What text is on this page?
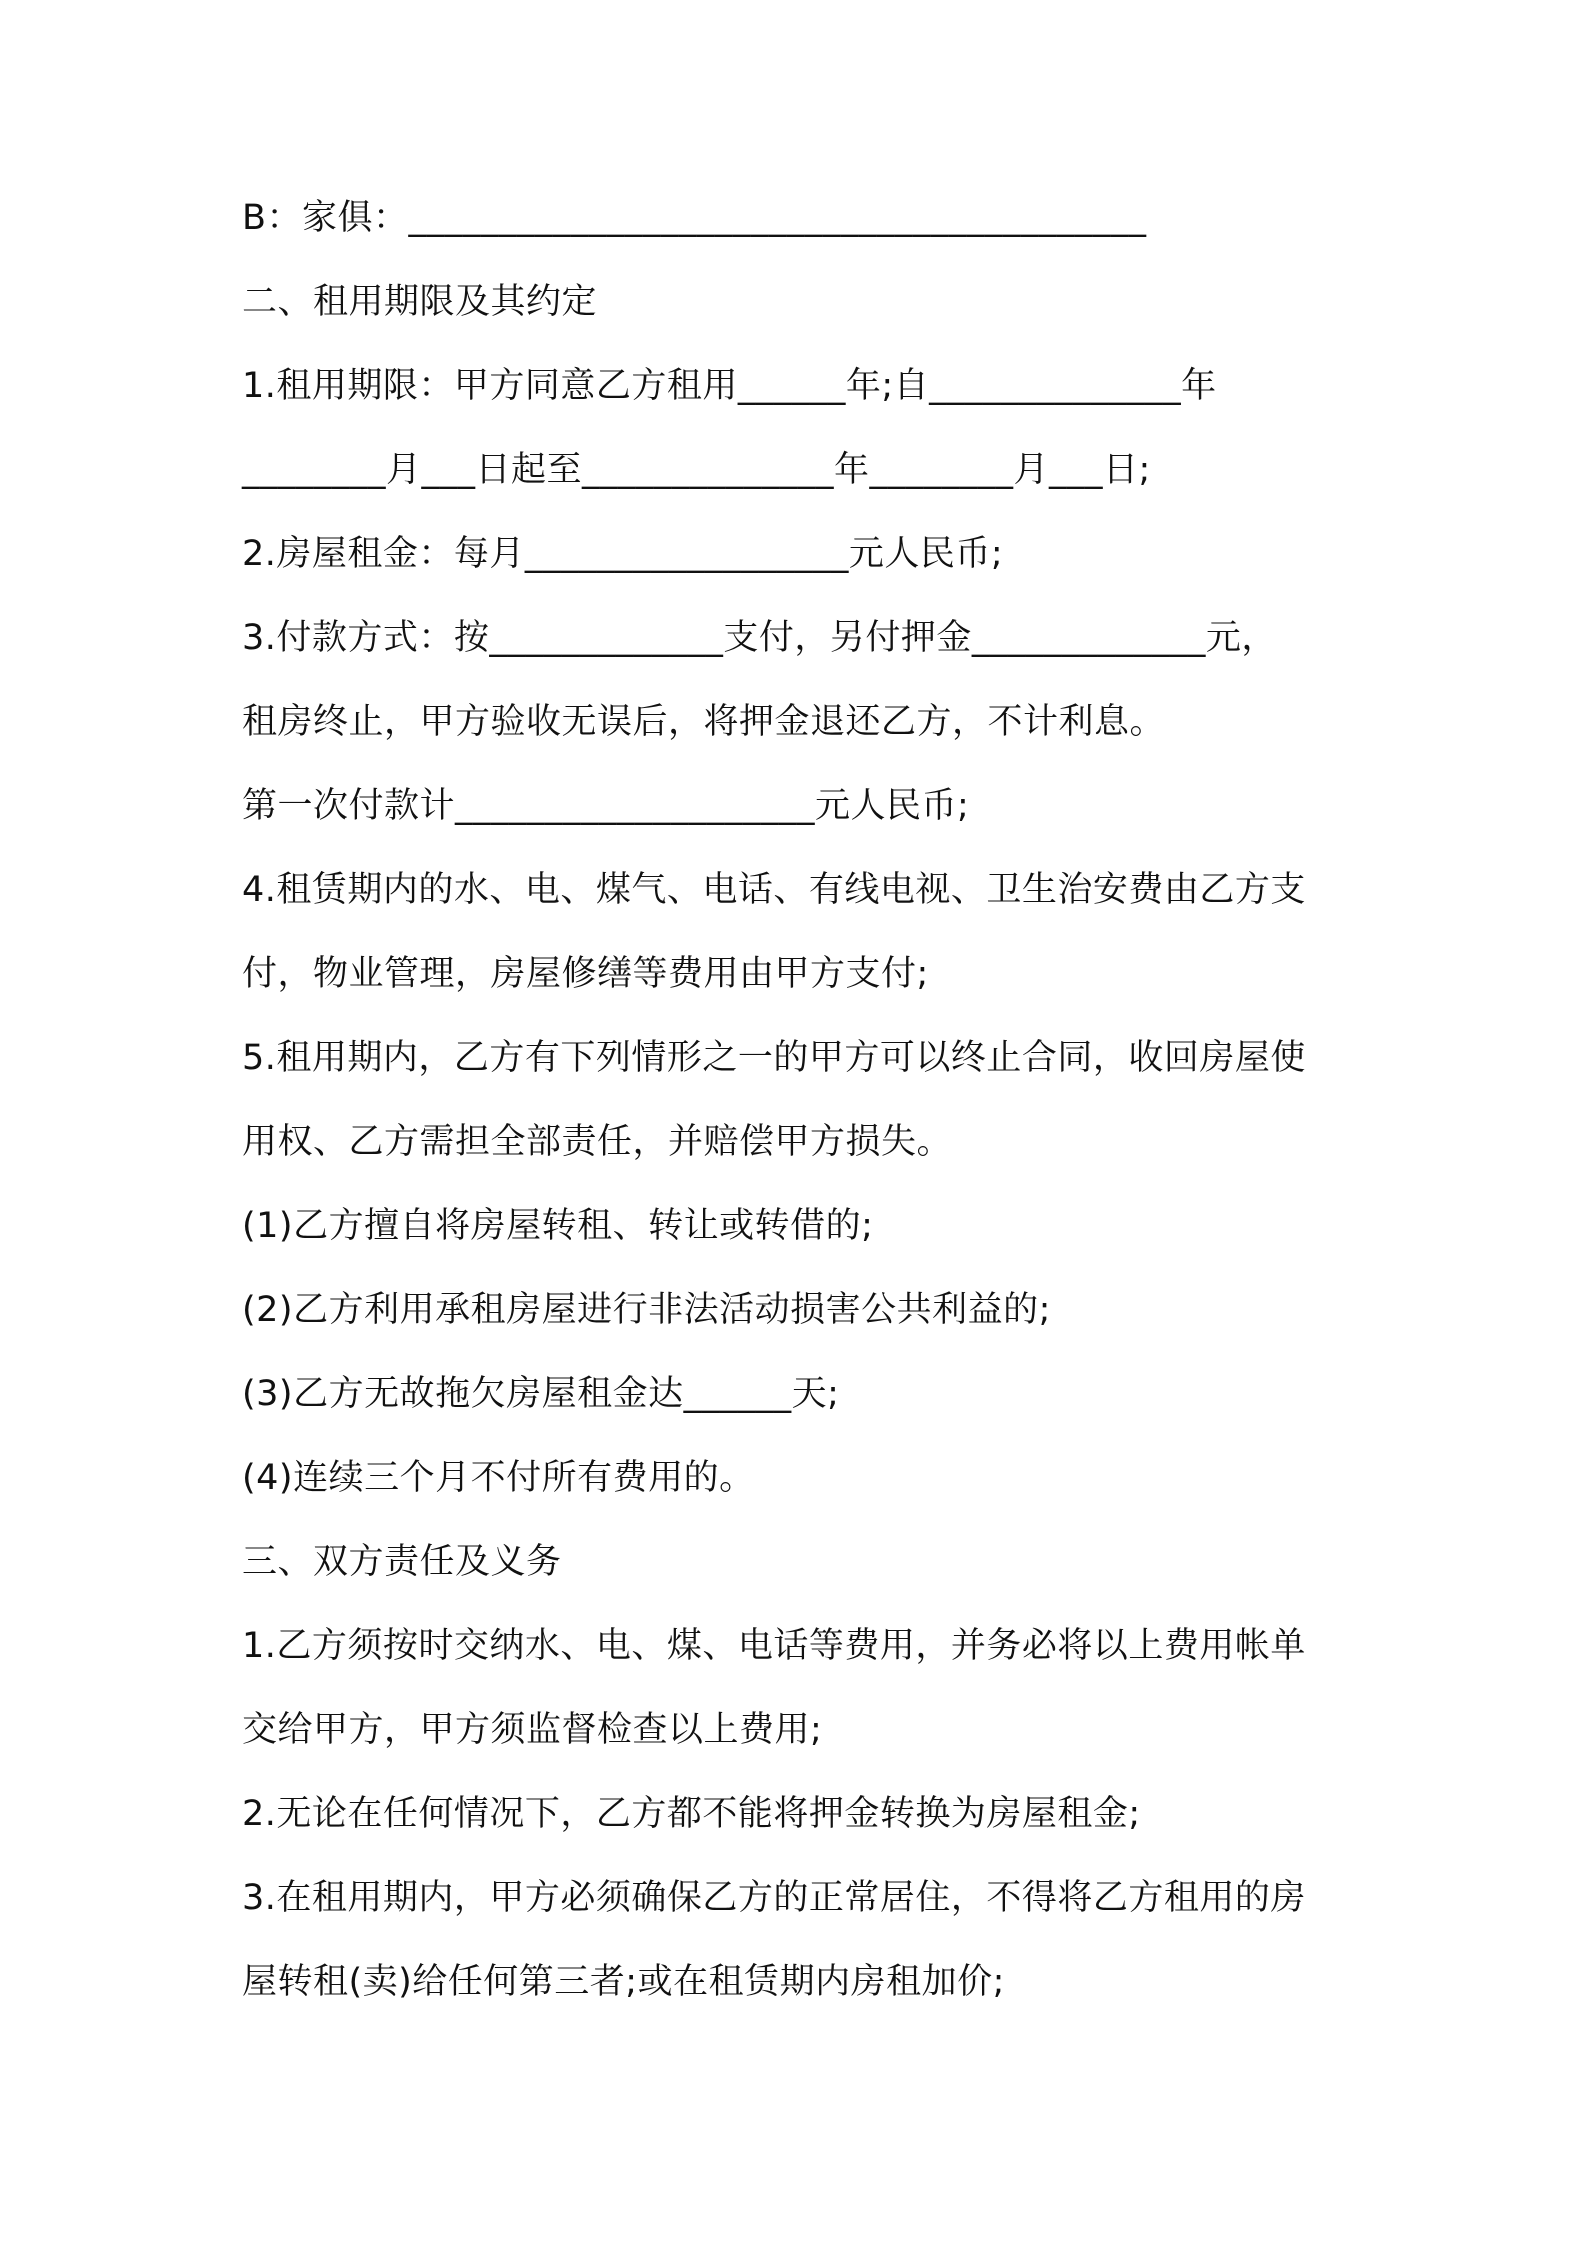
B：家俱：_________________________________________
二、租用期限及其约定
1.租用期限：甲方同意乙方租用______年;自______________年
________月___日起至______________年________月___日;
2.房屋租金：每月__________________元人民币;
3.付款方式：按_____________支付，另付押金_____________元，
租房终止，甲方验收无误后，将押金退还乙方，不计利息。
第一次付款计____________________元人民币;
4.租赁期内的水、电、煤气、电话、有线电视、卫生治安费由乙方支
付，物业管理，房屋修缮等费用由甲方支付;
5.租用期内，乙方有下列情形之一的甲方可以终止合同，收回房屋使
用权、乙方需担全部责任，并赔偿甲方损失。
(1)乙方擅自将房屋转租、转让或转借的;
(2)乙方利用承租房屋进行非法活动损害公共利益的;
(3)乙方无故拖欠房屋租金达______天;
(4)连续三个月不付所有费用的。
三、双方责任及义务
1.乙方须按时交纳水、电、煤、电话等费用，并务必将以上费用帐单
交给甲方，甲方须监督检查以上费用;
2.无论在任何情况下，乙方都不能将押金转换为房屋租金;
3.在租用期内，甲方必须确保乙方的正常居住，不得将乙方租用的房
屋转租(卖)给任何第三者;或在租赁期内房租加价;
